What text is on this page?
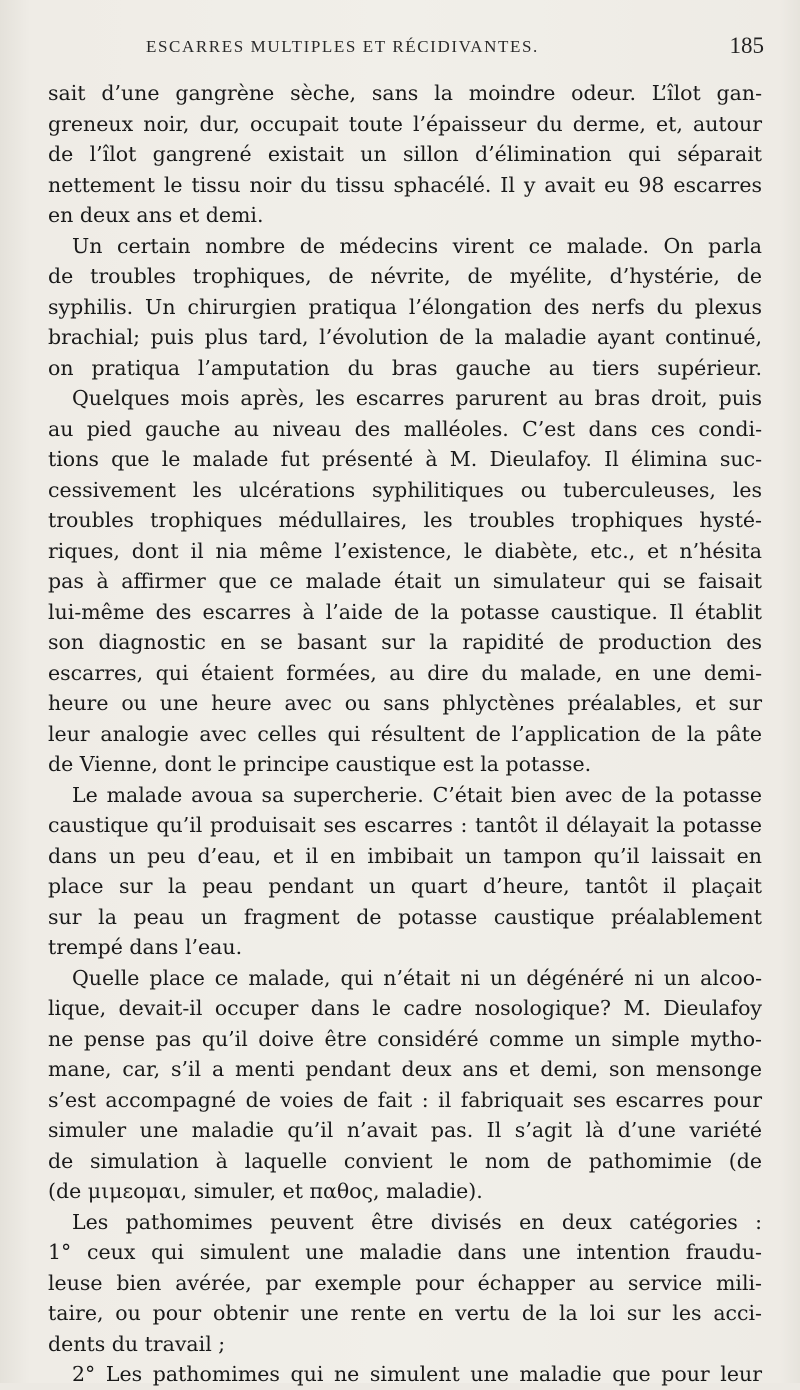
ESCARRES MULTIPLES ET RÉCIDIVANTES.	185
sait d’une gangrène sèche, sans la moindre odeur. L’îlot gan-
greneux noir, dur, occupait toute l’épaisseur du derme, et, autour
de l’îlot gangrené existait un sillon d’élimination qui séparait
nettement le tissu noir du tissu sphacélé. Il y avait eu 98 escarres
en deux ans et demi.
Un certain nombre de médecins virent ce malade. On parla
de troubles trophiques, de névrite, de myélite, d’hystérie, de
syphilis. Un chirurgien pratiqua l’élongation des nerfs du plexus
brachial; puis plus tard, l’évolution de la maladie ayant continué,
on pratiqua l’amputation du bras gauche au tiers supérieur.
Quelques mois après, les escarres parurent au bras droit, puis
au pied gauche au niveau des malléoles. C’est dans ces condi-
tions que le malade fut présenté à M. Dieulafoy. Il élimina suc-
cessivement les ulcérations syphilitiques ou tuberculeuses, les
troubles trophiques médullaires, les troubles trophiques hysté-
riques, dont il nia même l’existence, le diabète, etc., et n’hésita
pas à affirmer que ce malade était un simulateur qui se faisait
lui-même des escarres à l’aide de la potasse caustique. Il établit
son diagnostic en se basant sur la rapidité de production des
escarres, qui étaient formées, au dire du malade, en une demi-
heure ou une heure avec ou sans phlyctènes préalables, et sur
leur analogie avec celles qui résultent de l’application de la pâte
de Vienne, dont le principe caustique est la potasse.
Le malade avoua sa supercherie. C’était bien avec de la potasse
caustique qu’il produisait ses escarres : tantôt il délayait la potasse
dans un peu d’eau, et il en imbibait un tampon qu’il laissait en
place sur la peau pendant un quart d’heure, tantôt il plaçait
sur la peau un fragment de potasse caustique préalablement
trempé dans l’eau.
Quelle place ce malade, qui n’était ni un dégénéré ni un alcoo-
lique, devait-il occuper dans le cadre nosologique? M. Dieulafoy
ne pense pas qu’il doive être considéré comme un simple mytho-
mane, car, s’il a menti pendant deux ans et demi, son mensonge
s’est accompagné de voies de fait : il fabriquait ses escarres pour
simuler une maladie qu’il n’avait pas. Il s’agit là d’une variété
de simulation à laquelle convient le nom de pathomimie (de
(de μιμεομαι, simuler, et παθος, maladie).
Les pathomimes peuvent être divisés en deux catégories :
1° ceux qui simulent une maladie dans une intention fraudu-
leuse bien avérée, par exemple pour échapper au service mili-
taire, ou pour obtenir une rente en vertu de la loi sur les acci-
dents du travail ;
2° Les pathomimes qui ne simulent une maladie que pour leur
